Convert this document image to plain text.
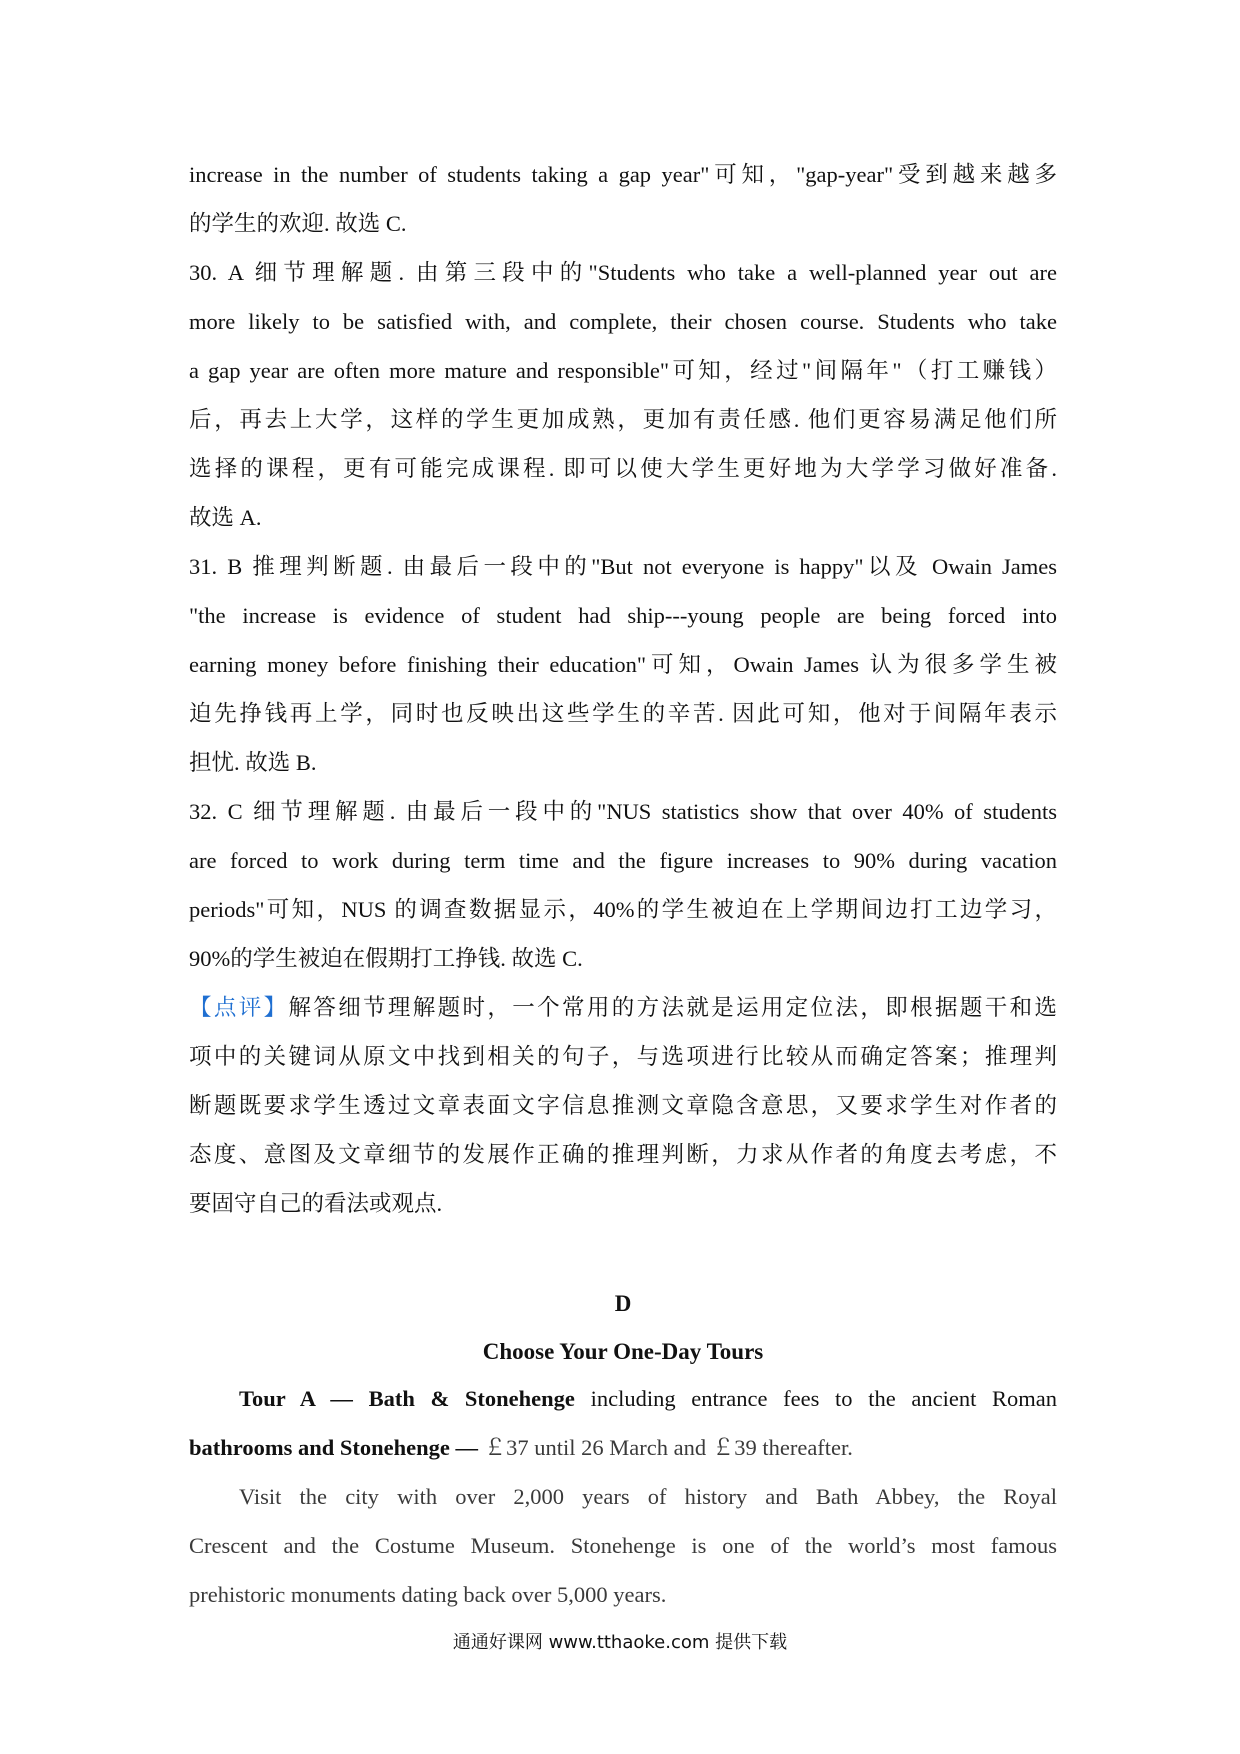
increase in the number of students taking a gap year"可知，"gap-year"受到越来越多

的学生的欢迎. 故选 C.

30. A 细节理解题. 由第三段中的"Students who take a well-planned year out are

more likely to be satisfied with, and complete, their chosen course. Students who take

a gap year are often more mature and responsible"可知，经过"间隔年"（打工赚钱）

后，再去上大学，这样的学生更加成熟，更加有责任感. 他们更容易满足他们所

选择的课程，更有可能完成课程. 即可以使大学生更好地为大学学习做好准备.

故选 A.

31. B 推理判断题. 由最后一段中的"But not everyone is happy"以及 Owain James

"the increase is evidence of student had ship---young people are being forced into

earning money before finishing their education"可知，Owain James 认为很多学生被

迫先挣钱再上学，同时也反映出这些学生的辛苦. 因此可知，他对于间隔年表示

担忧. 故选 B.

32. C 细节理解题. 由最后一段中的"NUS statistics show that over 40% of students

are forced to work during term time and the figure increases to 90% during vacation

periods"可知，NUS 的调查数据显示，40%的学生被迫在上学期间边打工边学习，

90%的学生被迫在假期打工挣钱. 故选 C.

【点评】解答细节理解题时，一个常用的方法就是运用定位法，即根据题干和选

项中的关键词从原文中找到相关的句子，与选项进行比较从而确定答案；推理判

断题既要求学生透过文章表面文字信息推测文章隐含意思，又要求学生对作者的

态度、意图及文章细节的发展作正确的推理判断，力求从作者的角度去考虑，不

要固守自己的看法或观点.

D
Choose Your One-Day Tours

Tour A — Bath & Stonehenge including entrance fees to the ancient Roman

bathrooms and Stonehenge — ￡37 until 26 March and ￡39 thereafter.

Visit the city with over 2,000 years of history and Bath Abbey, the Royal

Crescent and the Costume Museum. Stonehenge is one of the world’s most famous

prehistoric monuments dating back over 5,000 years.

通通好课网 www.tthaoke.com 提供下载
